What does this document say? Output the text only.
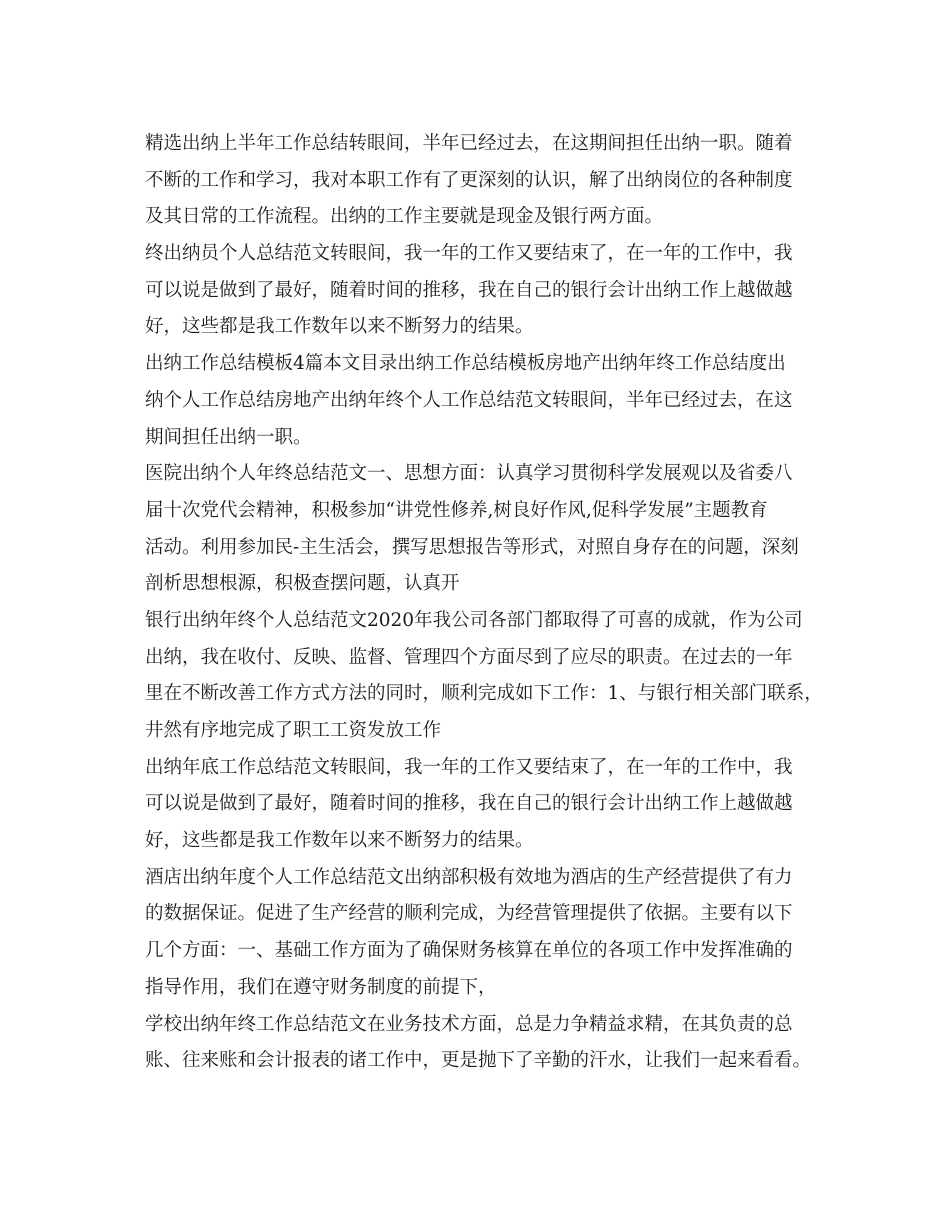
精选出纳上半年工作总结转眼间，半年已经过去，在这期间担任出纳一职。随着
不断的工作和学习，我对本职工作有了更深刻的认识，解了出纳岗位的各种制度
及其日常的工作流程。出纳的工作主要就是现金及银行两方面。
终出纳员个人总结范文转眼间，我一年的工作又要结束了，在一年的工作中，我
可以说是做到了最好，随着时间的推移，我在自己的银行会计出纳工作上越做越
好，这些都是我工作数年以来不断努力的结果。
出纳工作总结模板4篇本文目录出纳工作总结模板房地产出纳年终工作总结度出
纳个人工作总结房地产出纳年终个人工作总结范文转眼间，半年已经过去，在这
期间担任出纳一职。
医院出纳个人年终总结范文一、思想方面：认真学习贯彻科学发展观以及省委八
届十次党代会精神，积极参加“讲党性修养,树良好作风,促科学发展”主题教育
活动。利用参加民-主生活会，撰写思想报告等形式，对照自身存在的问题，深刻
剖析思想根源，积极查摆问题，认真开
银行出纳年终个人总结范文2020年我公司各部门都取得了可喜的成就，作为公司
出纳，我在收付、反映、监督、管理四个方面尽到了应尽的职责。在过去的一年
里在不断改善工作方式方法的同时，顺利完成如下工作：1、与银行相关部门联系，
井然有序地完成了职工工资发放工作
出纳年底工作总结范文转眼间，我一年的工作又要结束了，在一年的工作中，我
可以说是做到了最好，随着时间的推移，我在自己的银行会计出纳工作上越做越
好，这些都是我工作数年以来不断努力的结果。
酒店出纳年度个人工作总结范文出纳部积极有效地为酒店的生产经营提供了有力
的数据保证。促进了生产经营的顺利完成，为经营管理提供了依据。主要有以下
几个方面：一、基础工作方面为了确保财务核算在单位的各项工作中发挥准确的
指导作用，我们在遵守财务制度的前提下，
学校出纳年终工作总结范文在业务技术方面，总是力争精益求精，在其负责的总
账、往来账和会计报表的诸工作中，更是抛下了辛勤的汗水，让我们一起来看看。
